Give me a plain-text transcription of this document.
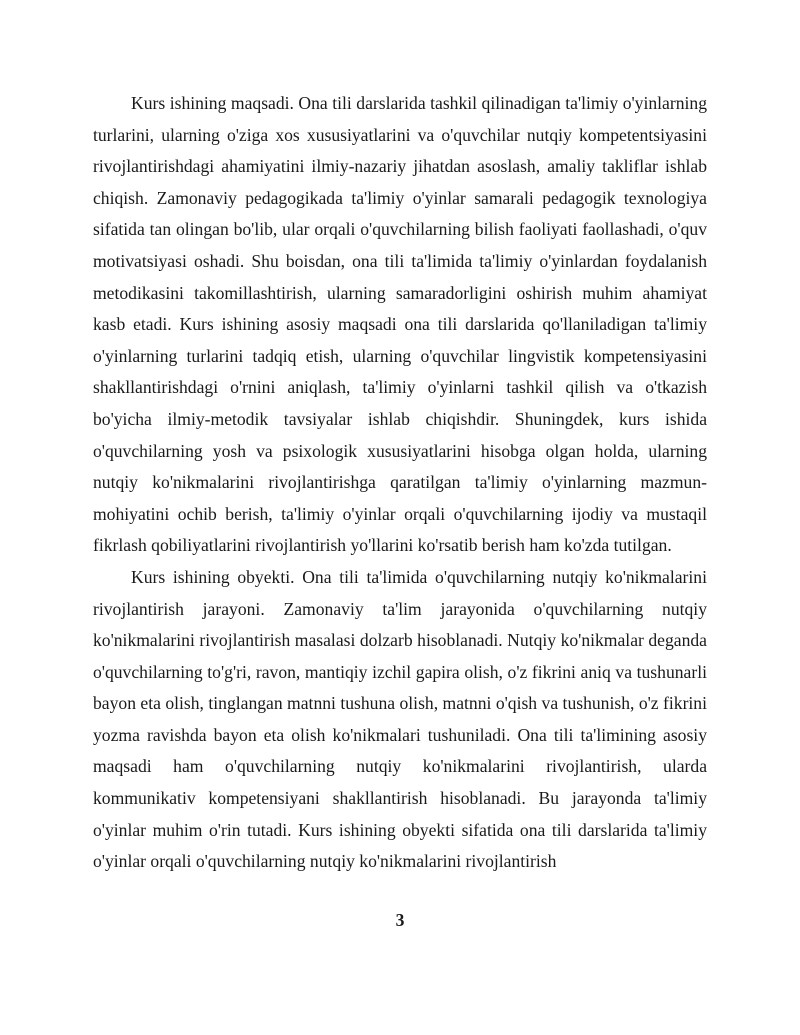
Kurs ishining maqsadi. Ona tili darslarida tashkil qilinadigan ta'limiy o'yinlarning turlarini, ularning o'ziga xos xususiyatlarini va o'quvchilar nutqiy kompetentsiyasini rivojlantirishdagi ahamiyatini ilmiy-nazariy jihatdan asoslash, amaliy takliflar ishlab chiqish. Zamonaviy pedagogikada ta'limiy o'yinlar samarali pedagogik texnologiya sifatida tan olingan bo'lib, ular orqali o'quvchilarning bilish faoliyati faollashadi, o'quv motivatsiyasi oshadi. Shu boisdan, ona tili ta'limida ta'limiy o'yinlardan foydalanish metodikasini takomillashtirish, ularning samaradorligini oshirish muhim ahamiyat kasb etadi. Kurs ishining asosiy maqsadi ona tili darslarida qo'llaniladigan ta'limiy o'yinlarning turlarini tadqiq etish, ularning o'quvchilar lingvistik kompetensiyasini shakllantirishdagi o'rnini aniqlash, ta'limiy o'yinlarni tashkil qilish va o'tkazish bo'yicha ilmiy-metodik tavsiyalar ishlab chiqishdir. Shuningdek, kurs ishida o'quvchilarning yosh va psixologik xususiyatlarini hisobga olgan holda, ularning nutqiy ko'nikmalarini rivojlantirishga qaratilgan ta'limiy o'yinlarning mazmun-mohiyatini ochib berish, ta'limiy o'yinlar orqali o'quvchilarning ijodiy va mustaqil fikrlash qobiliyatlarini rivojlantirish yo'llarini ko'rsatib berish ham ko'zda tutilgan.

Kurs ishining obyekti. Ona tili ta'limida o'quvchilarning nutqiy ko'nikmalarini rivojlantirish jarayoni. Zamonaviy ta'lim jarayonida o'quvchilarning nutqiy ko'nikmalarini rivojlantirish masalasi dolzarb hisoblanadi. Nutqiy ko'nikmalar deganda o'quvchilarning to'g'ri, ravon, mantiqiy izchil gapira olish, o'z fikrini aniq va tushunarli bayon eta olish, tinglangan matnni tushuna olish, matnni o'qish va tushunish, o'z fikrini yozma ravishda bayon eta olish ko'nikmalari tushuniladi. Ona tili ta'limining asosiy maqsadi ham o'quvchilarning nutqiy ko'nikmalarini rivojlantirish, ularda kommunikativ kompetensiyani shakllantirish hisoblanadi. Bu jarayonda ta'limiy o'yinlar muhim o'rin tutadi. Kurs ishining obyekti sifatida ona tili darslarida ta'limiy o'yinlar orqali o'quvchilarning nutqiy ko'nikmalarini rivojlantirish

3
